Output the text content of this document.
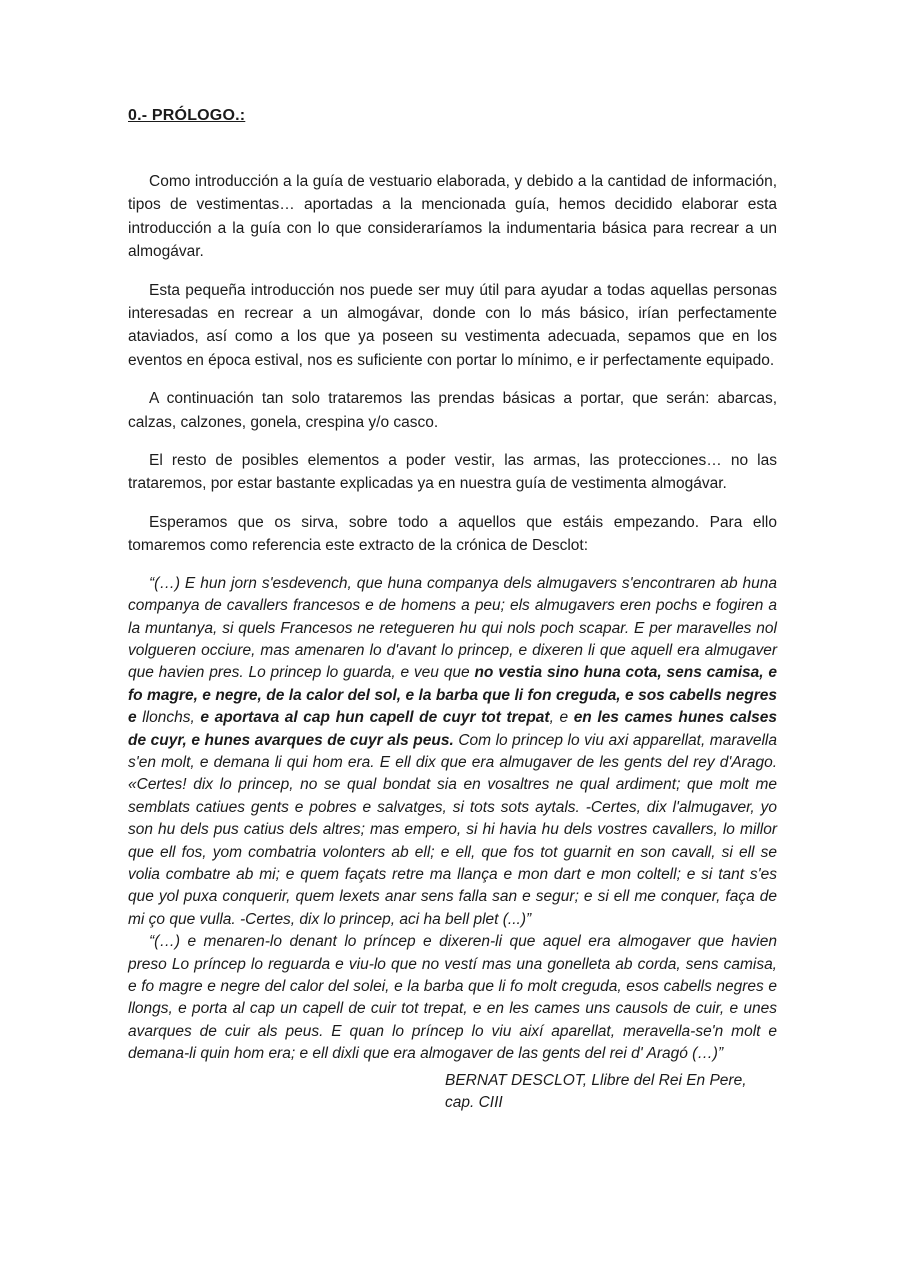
0.- PRÓLOGO.:

Como introducción a la guía de vestuario elaborada, y debido a la cantidad de información, tipos de vestimentas… aportadas a la mencionada guía, hemos decidido elaborar esta introducción a la guía con lo que consideraríamos la indumentaria básica para recrear a un almogávar.

Esta pequeña introducción nos puede ser muy útil para ayudar a todas aquellas personas interesadas en recrear a un almogávar, donde con lo más básico, irían perfectamente ataviados, así como a los que ya poseen su vestimenta adecuada, sepamos que en los eventos en época estival, nos es suficiente con portar lo mínimo, e ir perfectamente equipado.

A continuación tan solo trataremos las prendas básicas a portar, que serán: abarcas, calzas, calzones, gonela, crespina y/o casco.

El resto de posibles elementos a poder vestir, las armas, las protecciones… no las trataremos, por estar bastante explicadas ya en nuestra guía de vestimenta almogávar.

Esperamos que os sirva, sobre todo a aquellos que estáis empezando. Para ello tomaremos como referencia este extracto de la crónica de Desclot:

“(…) E hun jorn s'esdevench, que huna companya dels almugavers s'encontraren ab huna companya de cavallers francesos e de homens a peu; els almugavers eren pochs e fogiren a la muntanya, si quels Francesos ne retegueren hu qui nols poch scapar. E per maravelles nol volgueren occiure, mas amenaren lo d'avant lo princep, e dixeren li que aquell era almugaver que havien pres. Lo princep lo guarda, e veu que no vestia sino huna cota, sens camisa, e fo magre, e negre, de la calor del sol, e la barba que li fon creguda, e sos cabells negres e llonchs, e aportava al cap hun capell de cuyr tot trepat, e en les cames hunes calses de cuyr, e hunes avarques de cuyr als peus. Com lo princep lo viu axi apparellat, maravella s'en molt, e demana li qui hom era. E ell dix que era almugaver de les gents del rey d'Arago. «Certes! dix lo princep, no se qual bondat sia en vosaltres ne qual ardiment; que molt me semblats catiues gents e pobres e salvatges, si tots sots aytals. -Certes, dix l'almugaver, yo son hu dels pus catius dels altres; mas empero, si hi havia hu dels vostres cavallers, lo millor que ell fos, yom combatria volonters ab ell; e ell, que fos tot guarnit en son cavall, si ell se volia combatre ab mi; e quem façats retre ma llança e mon dart e mon coltell; e si tant s'es que yol puxa conquerir, quem lexets anar sens falla san e segur; e si ell me conquer, faça de mi ço que vulla. -Certes, dix lo princep, aci ha bell plet (...)”

“(…) e menaren-lo denant lo príncep e dixeren-li que aquel era almogaver que havien preso Lo príncep lo reguarda e viu-lo que no vestí mas una gonelleta ab corda, sens camisa, e fo magre e negre del calor del solei, e la barba que li fo molt creguda, esos cabells negres e llongs, e porta al cap un capell de cuir tot trepat, e en les cames uns causols de cuir, e unes avarques de cuir als peus. E quan lo príncep lo viu així aparellat, meravella-se'n molt e demana-li quin hom era; e ell dixli que era almogaver de las gents del rei d' Aragó (…)”

BERNAT DESCLOT, Llibre del Rei En Pere,
cap. CIII
